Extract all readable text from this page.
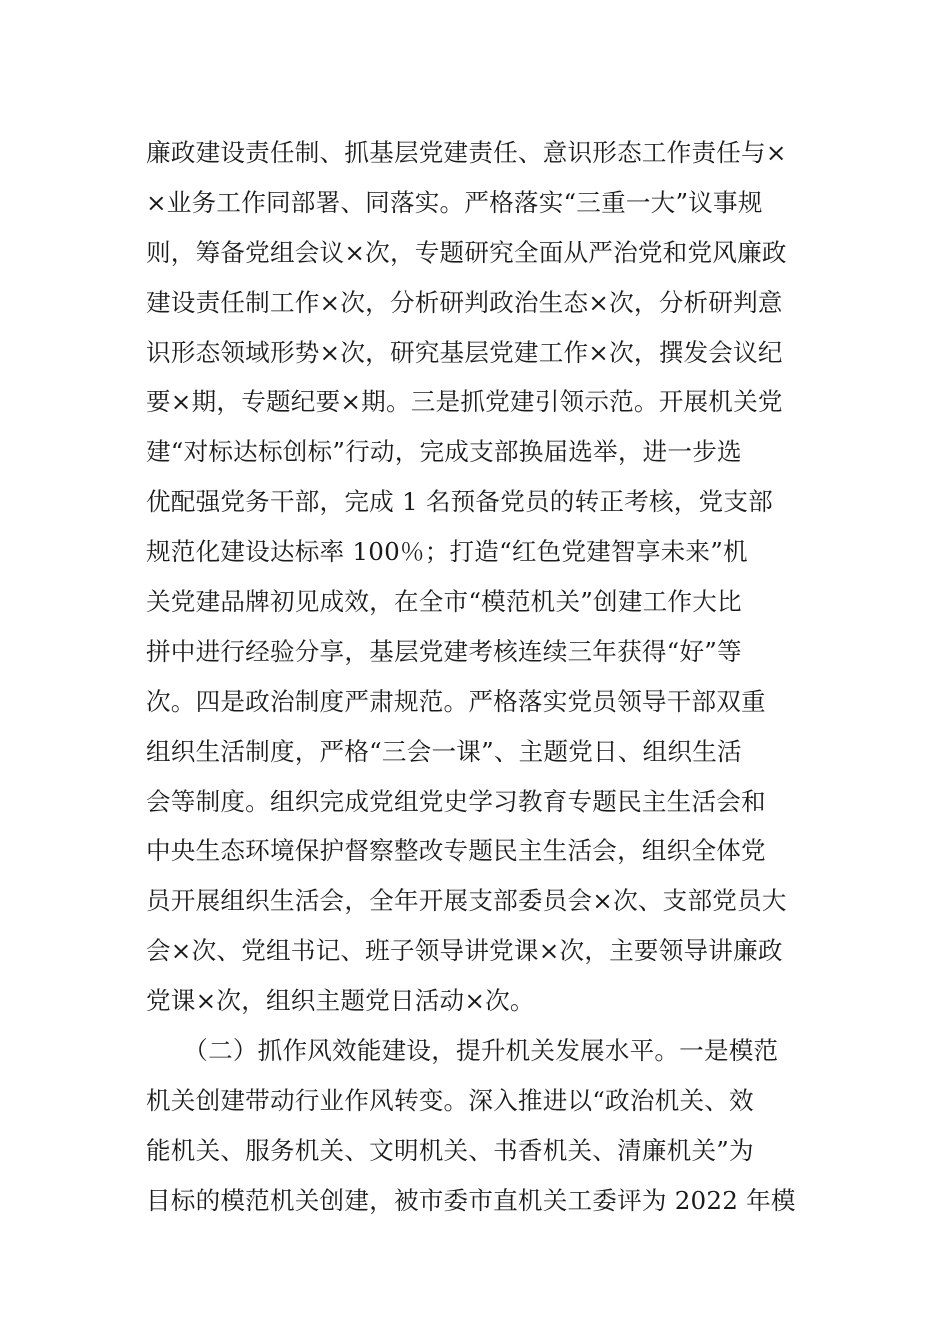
廉政建设责任制、抓基层党建责任、意识形态工作责任与×
×业务工作同部署、同落实。严格落实“三重一大”议事规
则，筹备党组会议×次，专题研究全面从严治党和党风廉政
建设责任制工作×次，分析研判政治生态×次，分析研判意
识形态领域形势×次，研究基层党建工作×次，撰发会议纪
要×期，专题纪要×期。三是抓党建引领示范。开展机关党
建“对标达标创标”行动，完成支部换届选举，进一步选
优配强党务干部，完成 1 名预备党员的转正考核，党支部
规范化建设达标率 100％；打造“红色党建智享未来”机
关党建品牌初见成效，在全市“模范机关”创建工作大比
拼中进行经验分享，基层党建考核连续三年获得“好”等
次。四是政治制度严肃规范。严格落实党员领导干部双重
组织生活制度，严格“三会一课”、主题党日、组织生活
会等制度。组织完成党组党史学习教育专题民主生活会和
中央生态环境保护督察整改专题民主生活会，组织全体党
员开展组织生活会，全年开展支部委员会×次、支部党员大
会×次、党组书记、班子领导讲党课×次，主要领导讲廉政
党课×次，组织主题党日活动×次。
　　（二）抓作风效能建设，提升机关发展水平。一是模范
机关创建带动行业作风转变。深入推进以“政治机关、效
能机关、服务机关、文明机关、书香机关、清廉机关”为
目标的模范机关创建，被市委市直机关工委评为 2022 年模
